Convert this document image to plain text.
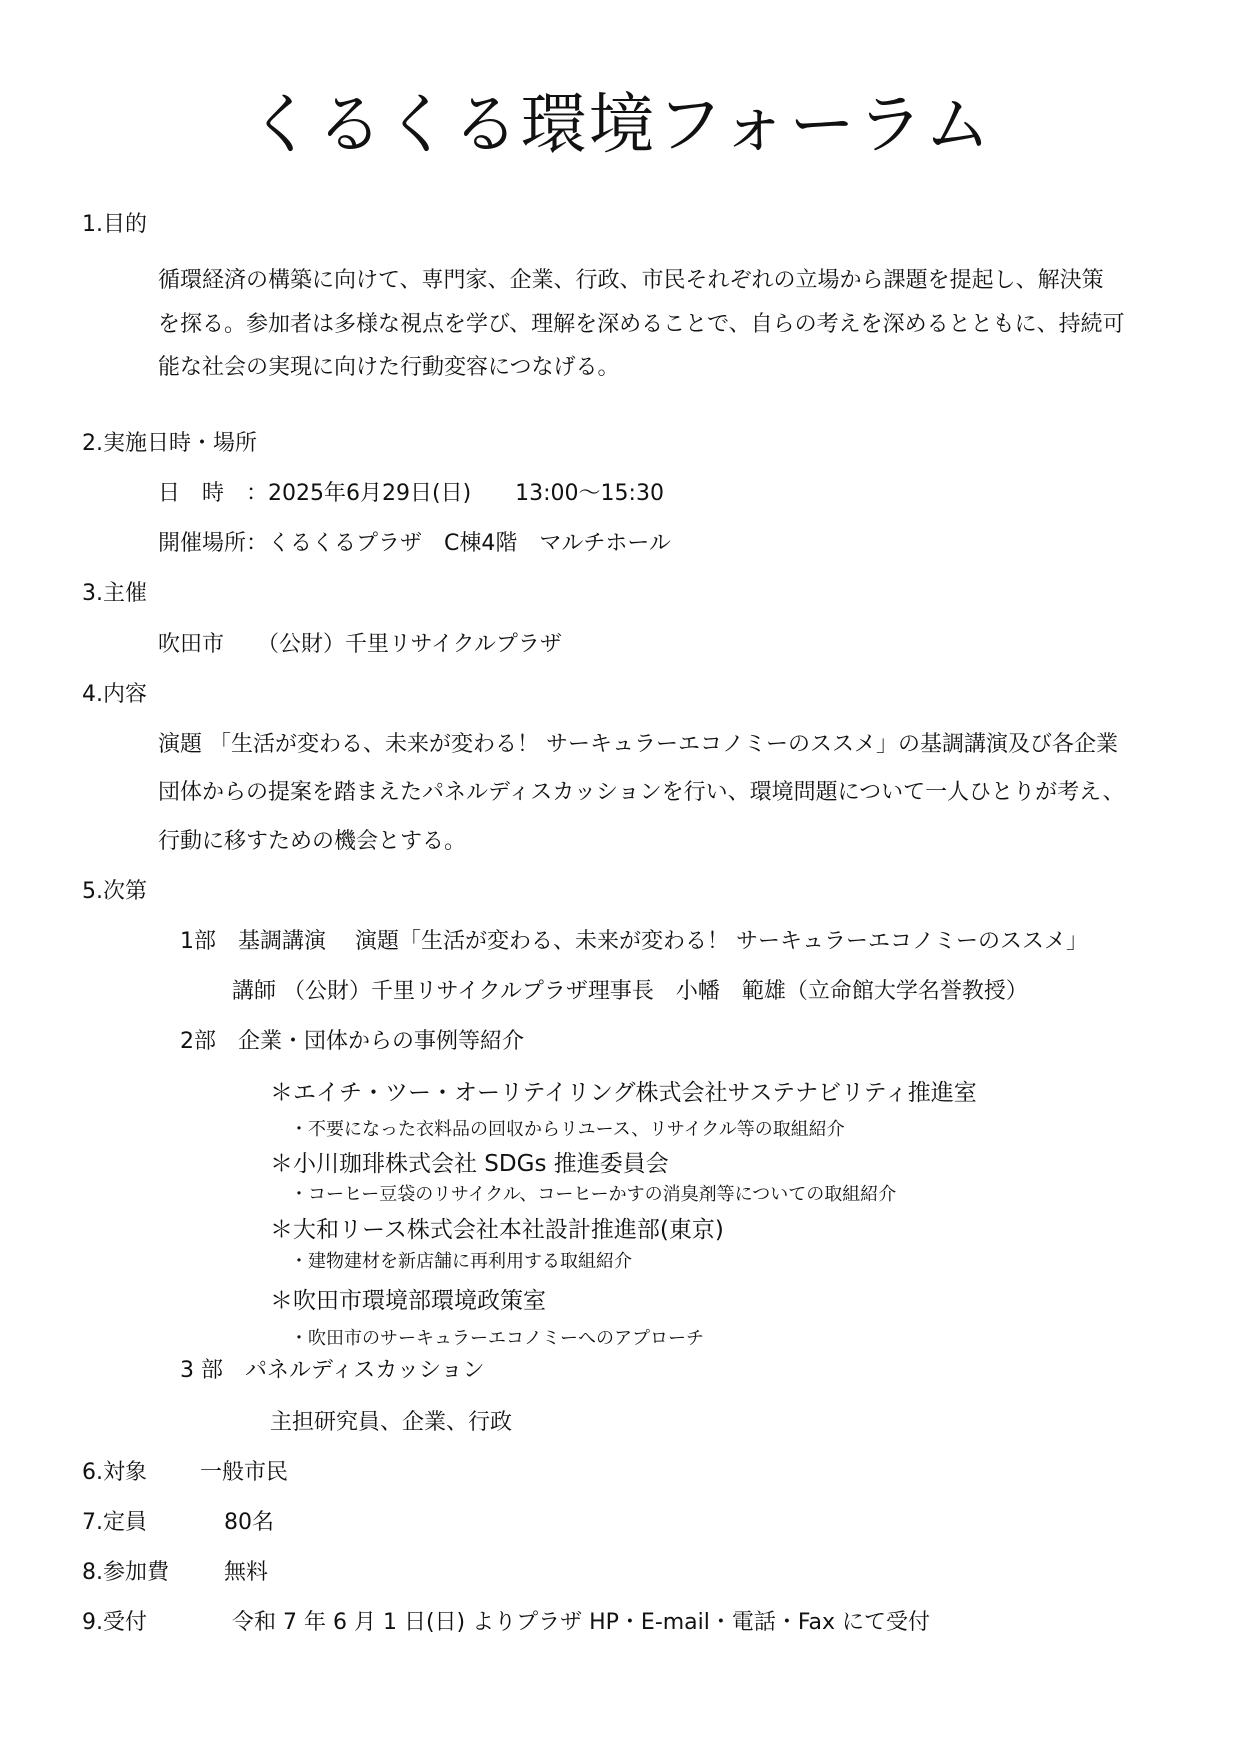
くるくる環境フォーラム
1.目的
循環経済の構築に向けて、専門家、企業、行政、市民それぞれの立場から課題を提起し、解決策
を探る。参加者は多様な視点を学び、理解を深めることで、自らの考えを深めるとともに、持続可
能な社会の実現に向けた行動変容につなげる。
2.実施日時・場所
日　時　：2025年6月29日(日)　　13:00～15:30
開催場所：くるくるプラザ　C棟4階　マルチホール
3.主催
吹田市　　（公財）千里リサイクルプラザ
4.内容
演題 「生活が変わる、未来が変わる！ サーキュラーエコノミーのススメ」の基調講演及び各企業
団体からの提案を踏まえたパネルディスカッションを行い、環境問題について一人ひとりが考え、
行動に移すための機会とする。
5.次第
1部　基調講演　 演題「生活が変わる、未来が変わる！ サーキュラーエコノミーのススメ」
講師 （公財）千里リサイクルプラザ理事長　小幡　範雄（立命館大学名誉教授）
2部　企業・団体からの事例等紹介
＊エイチ・ツー・オーリテイリング株式会社サステナビリティ推進室
・不要になった衣料品の回収からリユース、リサイクル等の取組紹介
＊小川珈琲株式会社 SDGs 推進委員会
・コーヒー豆袋のリサイクル、コーヒーかすの消臭剤等についての取組紹介
＊大和リース株式会社本社設計推進部(東京)
・建物建材を新店舗に再利用する取組紹介
＊吹田市環境部環境政策室
・吹田市のサーキュラーエコノミーへのアプローチ
3 部　パネルディスカッション
主担研究員、企業、行政
6.対象 一般市民
7.定員	80名
8.参加費	無料
9.受付	令和 7 年 6 月 1 日(日) よりプラザ HP・E-mail・電話・Fax にて受付
